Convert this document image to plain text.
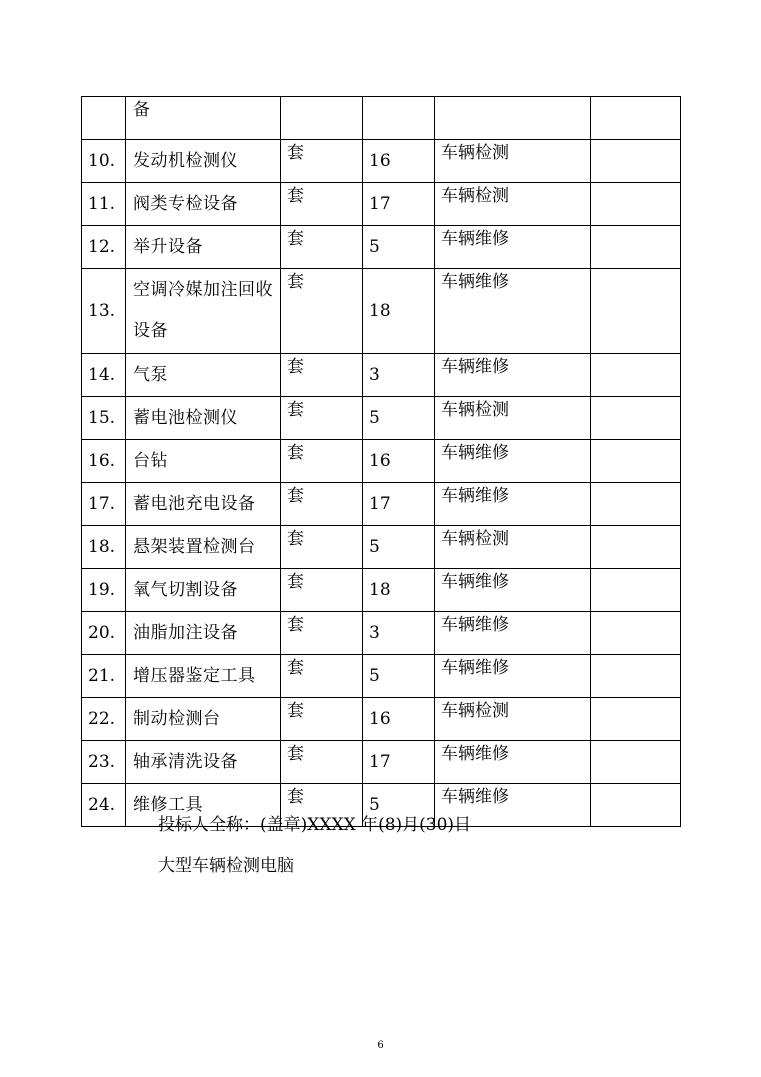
	备				
10.	发动机检测仪	套	16	车辆检测	
11.	阀类专检设备	套	17	车辆检测	
12.	举升设备	套	5	车辆维修	
13.	空调冷媒加注回收 设备	套	18	车辆维修	
14.	气泵	套	3	车辆维修	
15.	蓄电池检测仪	套	5	车辆检测	
16.	台钻	套	16	车辆维修	
17.	蓄电池充电设备	套	17	车辆维修	
18.	悬架装置检测台	套	5	车辆检测	
19.	氧气切割设备	套	18	车辆维修	
20.	油脂加注设备	套	3	车辆维修	
21.	增压器鉴定工具	套	5	车辆维修	
22.	制动检测台	套	16	车辆检测	
23.	轴承清洗设备	套	17	车辆维修	
24.	维修工具	套	5	车辆维修	
投标人全称：(盖章)XXXX 年(8)月(30)日
大型车辆检测电脑
6
